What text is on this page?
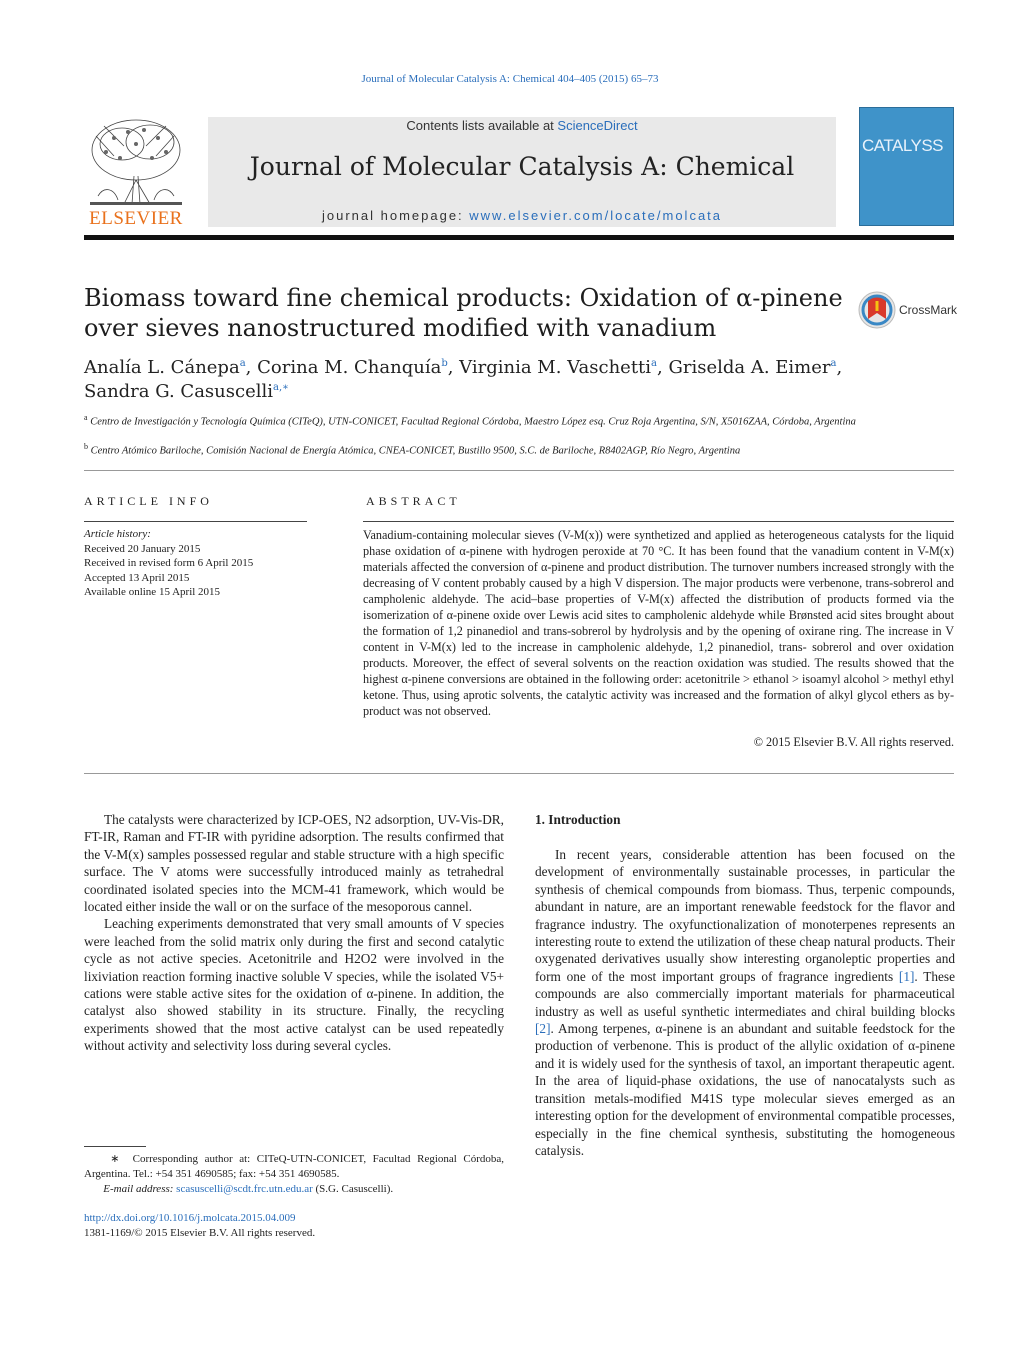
Journal of Molecular Catalysis A: Chemical 404–405 (2015) 65–73
ELSEVIER
Contents lists available at ScienceDirect
Journal of Molecular Catalysis A: Chemical
journal homepage: www.elsevier.com/locate/molcata
CATALYSS
Biomass toward fine chemical products: Oxidation of α-pinene over sieves nanostructured modified with vanadium
CrossMark
Analía L. Cánepa$^a$, Corina M. Chanquía$^b$, Virginia M. Vaschetti$^a$, Griselda A. Eimer$^a$,
Sandra G. Casuscelli$^{a,∗}$
$^a$ Centro de Investigación y Tecnología Química (CITeQ), UTN-CONICET, Facultad Regional Córdoba, Maestro López esq. Cruz Roja Argentina, S/N, X5016ZAA, Córdoba, Argentina
$^b$ Centro Atómico Bariloche, Comisión Nacional de Energía Atómica, CNEA-CONICET, Bustillo 9500, S.C. de Bariloche, R8402AGP, Río Negro, Argentina
ARTICLE INFO
Article history:
Received 20 January 2015
Received in revised form 6 April 2015
Accepted 13 April 2015
Available online 15 April 2015
ABSTRACT
Vanadium-containing molecular sieves (V-M(x)) were synthetized and applied as heterogeneous catalysts for the liquid phase oxidation of α-pinene with hydrogen peroxide at 70 °C. It has been found that the vanadium content in V-M(x) materials affected the conversion of α-pinene and product distribution. The turnover numbers increased strongly with the decreasing of V content probably caused by a high V dispersion. The major products were verbenone, trans-sobrerol and campholenic aldehyde. The acid–base properties of V-M(x) affected the distribution of products formed via the isomerization of α-pinene oxide over Lewis acid sites to campholenic aldehyde while Brønsted acid sites brought about the formation of 1,2 pinanediol and trans-sobrerol by hydrolysis and by the opening of oxirane ring. The increase in V content in V-M(x) led to the increase in campholenic aldehyde, 1,2 pinanediol, trans- sobrerol and over oxidation products. Moreover, the effect of several solvents on the reaction oxidation was studied. The results showed that the highest α-pinene conversions are obtained in the following order: acetonitrile > ethanol > isoamyl alcohol > methyl ethyl ketone. Thus, using aprotic solvents, the catalytic activity was increased and the formation of alkyl glycol ethers as by-product was not observed.
© 2015 Elsevier B.V. All rights reserved.

The catalysts were characterized by ICP-OES, N2 adsorption, UV-Vis-DR, FT-IR, Raman and FT-IR with pyridine adsorption. The results confirmed that the V-M(x) samples possessed regular and stable structure with a high specific surface. The V atoms were successfully introduced mainly as tetrahedral coordinated isolated species into the MCM-41 framework, which would be located either inside the wall or on the surface of the mesoporous cannel.

Leaching experiments demonstrated that very small amounts of V species were leached from the solid matrix only during the first and second catalytic cycle as not active species. Acetonitrile and H2O2 were involved in the lixiviation reaction forming inactive soluble V species, while the isolated V5+ cations were stable active sites for the oxidation of α-pinene. In addition, the catalyst also showed stability in its structure. Finally, the recycling experiments showed that the most active catalyst can be used repeatedly without activity and selectivity loss during several cycles.

1. Introduction

In recent years, considerable attention has been focused on the development of environmentally sustainable processes, in particular the synthesis of chemical compounds from biomass. Thus, terpenic compounds, abundant in nature, are an important renewable feedstock for the flavor and fragrance industry. The oxyfunctionalization of monoterpenes represents an interesting route to extend the utilization of these cheap natural products. Their oxygenated derivatives usually show interesting organoleptic properties and form one of the most important groups of fragrance ingredients [1]. These compounds are also commercially important materials for pharmaceutical industry as well as useful synthetic intermediates and chiral building blocks [2]. Among terpenes, α-pinene is an abundant and suitable feedstock for the production of verbenone. This is product of the allylic oxidation of α-pinene and it is widely used for the synthesis of taxol, an important therapeutic agent. In the area of liquid-phase oxidations, the use of nanocatalysts such as transition metals-modified M41S type molecular sieves emerged as an interesting option for the development of environmental compatible processes, especially in the fine chemical synthesis, substituting the homogeneous catalysis.

∗ Corresponding author at: CITeQ-UTN-CONICET, Facultad Regional Córdoba, Argentina. Tel.: +54 351 4690585; fax: +54 351 4690585.
E-mail address: scasuscelli@scdt.frc.utn.edu.ar (S.G. Casuscelli).
http://dx.doi.org/10.1016/j.molcata.2015.04.009
1381-1169/© 2015 Elsevier B.V. All rights reserved.
